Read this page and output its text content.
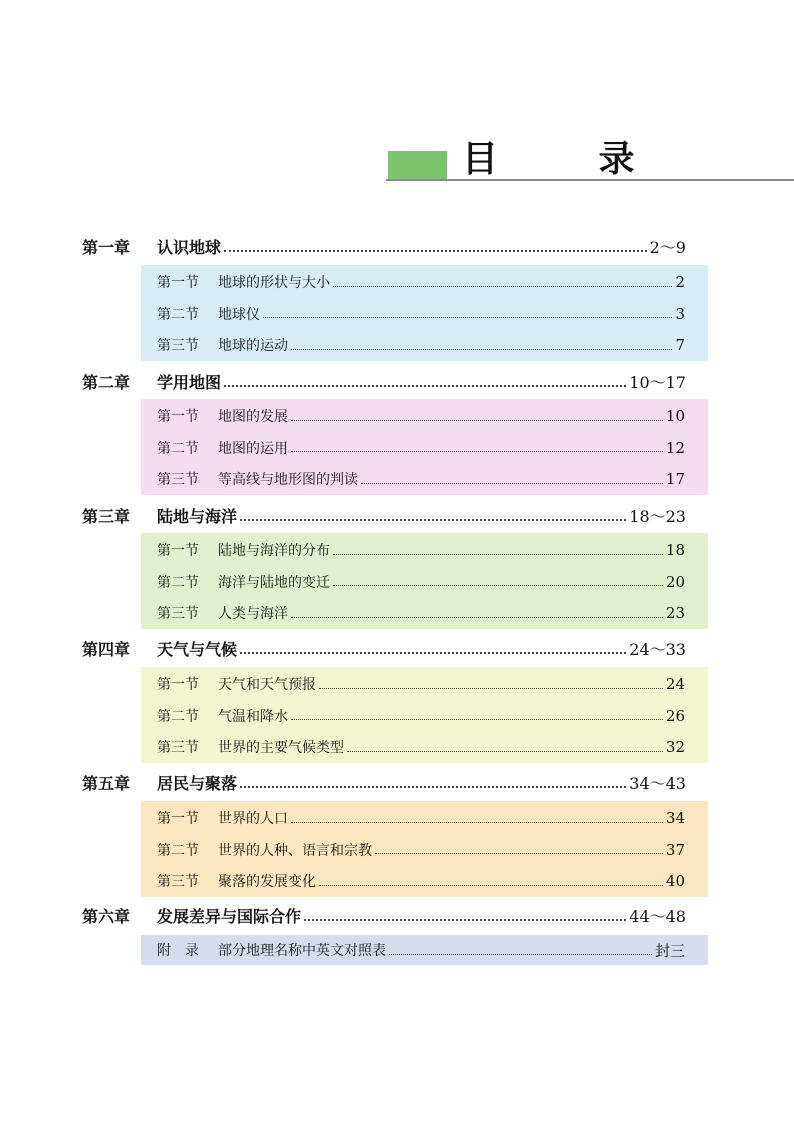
目 录
第一章	认识地球	2～9
第一节	地球的形状与大小	2
第二节	地球仪	3
第三节	地球的运动	7
第二章	学用地图	10～17
第一节	地图的发展	10
第二节	地图的运用	12
第三节	等高线与地形图的判读	17
第三章	陆地与海洋	18～23
第一节	陆地与海洋的分布	18
第二节	海洋与陆地的变迁	20
第三节	人类与海洋	23
第四章	天气与气候	24～33
第一节	天气和天气预报	24
第二节	气温和降水	26
第三节	世界的主要气候类型	32
第五章	居民与聚落	34～43
第一节	世界的人口	34
第二节	世界的人种、语言和宗教	37
第三节	聚落的发展变化	40
第六章	发展差异与国际合作	44～48
附　录	部分地理名称中英文对照表	封三
